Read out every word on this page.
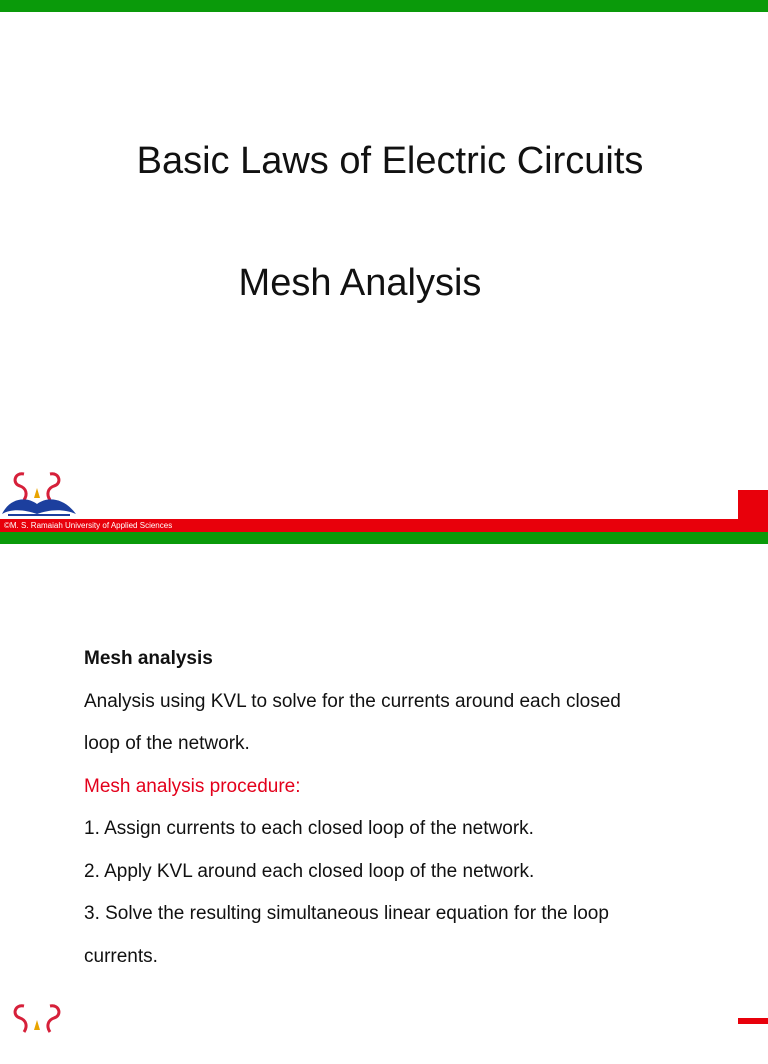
Basic Laws of Electric Circuits
Mesh Analysis
©M. S. Ramaiah University of Applied Sciences
Mesh analysis
Analysis using KVL to solve for the currents around each closed
loop of the network.
Mesh analysis procedure:
1. Assign currents to each closed loop of the network.
2. Apply KVL around each closed loop of the network.
3. Solve the resulting simultaneous linear equation for the loop
currents.
